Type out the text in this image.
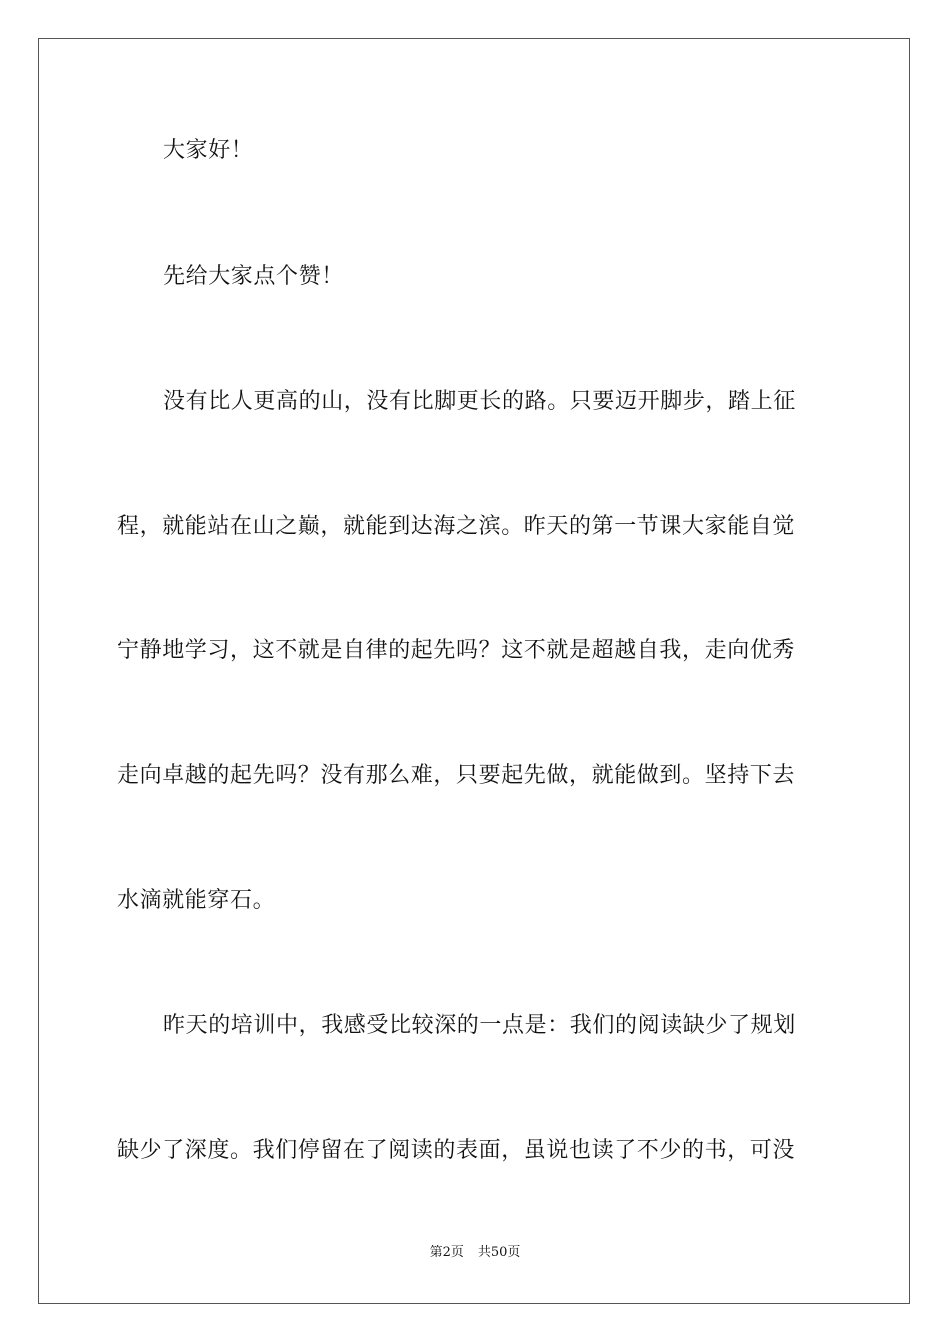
大家好！
先给大家点个赞！
没有比人更高的山，没有比脚更长的路。只要迈开脚步，踏上征
程，就能站在山之巅，就能到达海之滨。昨天的第一节课大家能自觉
宁静地学习，这不就是自律的起先吗？这不就是超越自我，走向优秀
走向卓越的起先吗？没有那么难，只要起先做，就能做到。坚持下去
水滴就能穿石。
昨天的培训中，我感受比较深的一点是：我们的阅读缺少了规划
缺少了深度。我们停留在了阅读的表面，虽说也读了不少的书，可没
第2页 共50页
